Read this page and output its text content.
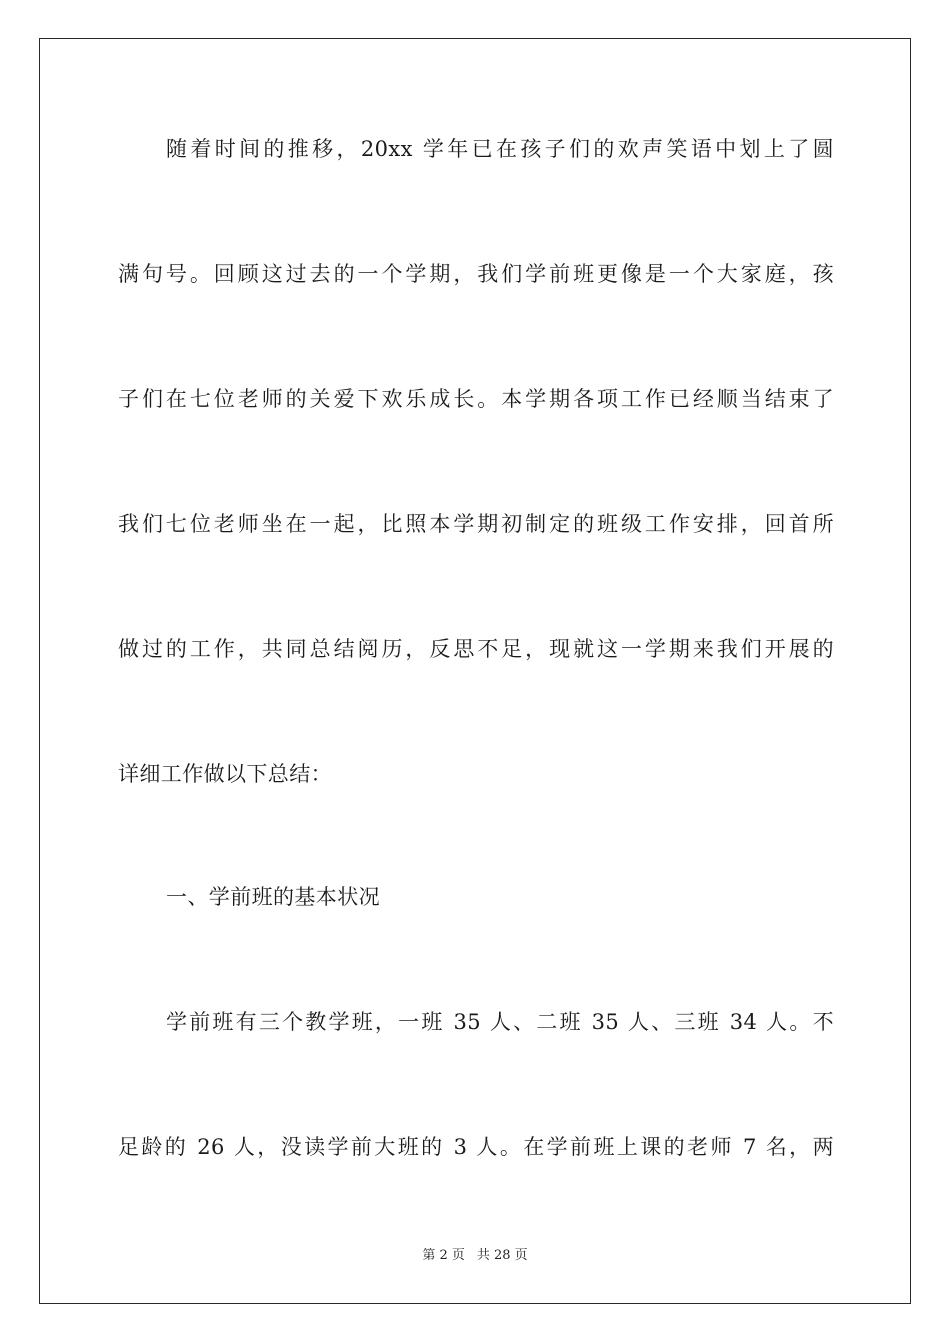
随着时间的推移，20xx 学年已在孩子们的欢声笑语中划上了圆
满句号。回顾这过去的一个学期，我们学前班更像是一个大家庭，孩
子们在七位老师的关爱下欢乐成长。本学期各项工作已经顺当结束了
我们七位老师坐在一起，比照本学期初制定的班级工作安排，回首所
做过的工作，共同总结阅历，反思不足，现就这一学期来我们开展的
详细工作做以下总结：
一、学前班的基本状况
学前班有三个教学班，一班 35 人、二班 35 人、三班 34 人。不
足龄的 26 人，没读学前大班的 3 人。在学前班上课的老师 7 名，两
第 2 页 共 28 页
